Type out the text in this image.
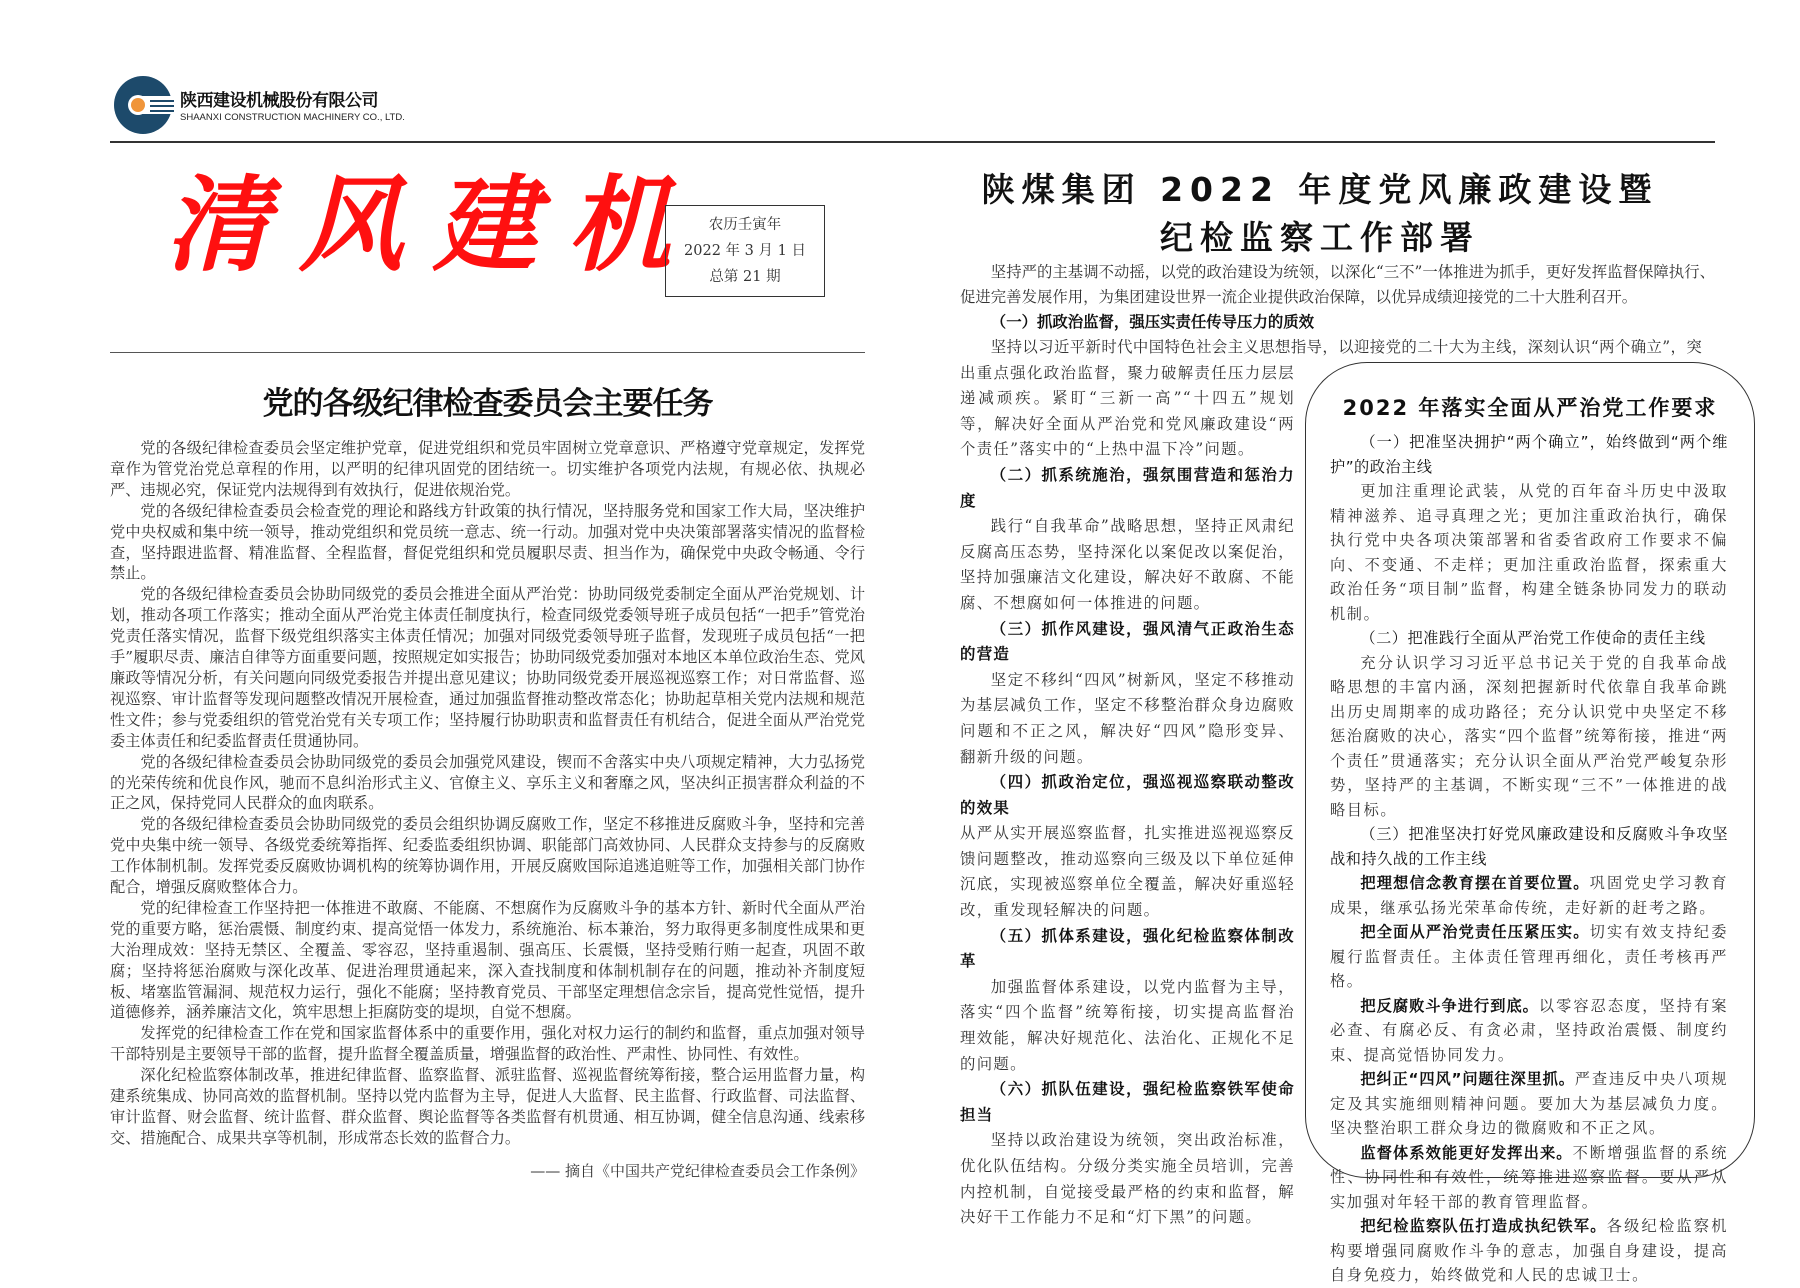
陕西建设机械股份有限公司
SHAANXI CONSTRUCTION MACHINERY CO., LTD.
清风建机 农历壬寅年
2022 年 3 月 1 日
总第 21 期
党的各级纪律检查委员会主要任务

党的各级纪律检查委员会坚定维护党章，促进党组织和党员牢固树立党章意识、严格遵守党章规定，发挥党章作为管党治党总章程的作用，以严明的纪律巩固党的团结统一。切实维护各项党内法规，有规必依、执规必严、违规必究，保证党内法规得到有效执行，促进依规治党。

党的各级纪律检查委员会检查党的理论和路线方针政策的执行情况，坚持服务党和国家工作大局，坚决维护党中央权威和集中统一领导，推动党组织和党员统一意志、统一行动。加强对党中央决策部署落实情况的监督检查，坚持跟进监督、精准监督、全程监督，督促党组织和党员履职尽责、担当作为，确保党中央政令畅通、令行禁止。

党的各级纪律检查委员会协助同级党的委员会推进全面从严治党：协助同级党委制定全面从严治党规划、计划，推动各项工作落实；推动全面从严治党主体责任制度执行，检查同级党委领导班子成员包括“一把手”管党治党责任落实情况，监督下级党组织落实主体责任情况；加强对同级党委领导班子监督，发现班子成员包括“一把手”履职尽责、廉洁自律等方面重要问题，按照规定如实报告；协助同级党委加强对本地区本单位政治生态、党风廉政等情况分析，有关问题向同级党委报告并提出意见建议；协助同级党委开展巡视巡察工作；对日常监督、巡视巡察、审计监督等发现问题整改情况开展检查，通过加强监督推动整改常态化；协助起草相关党内法规和规范性文件；参与党委组织的管党治党有关专项工作；坚持履行协助职责和监督责任有机结合，促进全面从严治党党委主体责任和纪委监督责任贯通协同。

党的各级纪律检查委员会协助同级党的委员会加强党风建设，锲而不舍落实中央八项规定精神，大力弘扬党的光荣传统和优良作风，驰而不息纠治形式主义、官僚主义、享乐主义和奢靡之风，坚决纠正损害群众利益的不正之风，保持党同人民群众的血肉联系。

党的各级纪律检查委员会协助同级党的委员会组织协调反腐败工作，坚定不移推进反腐败斗争，坚持和完善党中央集中统一领导、各级党委统筹指挥、纪委监委组织协调、职能部门高效协同、人民群众支持参与的反腐败工作体制机制。发挥党委反腐败协调机构的统筹协调作用，开展反腐败国际追逃追赃等工作，加强相关部门协作配合，增强反腐败整体合力。

党的纪律检查工作坚持把一体推进不敢腐、不能腐、不想腐作为反腐败斗争的基本方针、新时代全面从严治党的重要方略，惩治震慑、制度约束、提高觉悟一体发力，系统施治、标本兼治，努力取得更多制度性成果和更大治理成效：坚持无禁区、全覆盖、零容忍，坚持重遏制、强高压、长震慑，坚持受贿行贿一起查，巩固不敢腐；坚持将惩治腐败与深化改革、促进治理贯通起来，深入查找制度和体制机制存在的问题，推动补齐制度短板、堵塞监管漏洞、规范权力运行，强化不能腐；坚持教育党员、干部坚定理想信念宗旨，提高党性觉悟，提升道德修养，涵养廉洁文化，筑牢思想上拒腐防变的堤坝，自觉不想腐。

发挥党的纪律检查工作在党和国家监督体系中的重要作用，强化对权力运行的制约和监督，重点加强对领导干部特别是主要领导干部的监督，提升监督全覆盖质量，增强监督的政治性、严肃性、协同性、有效性。

深化纪检监察体制改革，推进纪律监督、监察监督、派驻监督、巡视监督统筹衔接，整合运用监督力量，构建系统集成、协同高效的监督机制。坚持以党内监督为主导，促进人大监督、民主监督、行政监督、司法监督、审计监督、财会监督、统计监督、群众监督、舆论监督等各类监督有机贯通、相互协调，健全信息沟通、线索移交、措施配合、成果共享等机制，形成常态长效的监督合力。

—— 摘自《中国共产党纪律检查委员会工作条例》
陕煤集团 2022 年度党风廉政建设暨
纪检监察工作部署

坚持严的主基调不动摇，以党的政治建设为统领，以深化“三不”一体推进为抓手，更好发挥监督保障执行、促进完善发展作用，为集团建设世界一流企业提供政治保障，以优异成绩迎接党的二十大胜利召开。

（一）抓政治监督，强压实责任传导压力的质效

坚持以习近平新时代中国特色社会主义思想指导，以迎接党的二十大为主线，深刻认识“两个确立”，突

出重点强化政治监督，聚力破解责任压力层层递减顽疾。紧盯“三新一高”“十四五”规划等，解决好全面从严治党和党风廉政建设“两个责任”落实中的“上热中温下冷”问题。

（二）抓系统施治，强氛围营造和惩治力度

践行“自我革命”战略思想，坚持正风肃纪反腐高压态势，坚持深化以案促改以案促治，坚持加强廉洁文化建设，解决好不敢腐、不能腐、不想腐如何一体推进的问题。

（三）抓作风建设，强风清气正政治生态的营造

坚定不移纠“四风”树新风，坚定不移推动为基层减负工作，坚定不移整治群众身边腐败问题和不正之风，解决好“四风”隐形变异、翻新升级的问题。

（四）抓政治定位，强巡视巡察联动整改的效果

从严从实开展巡察监督，扎实推进巡视巡察反馈问题整改，推动巡察向三级及以下单位延伸沉底，实现被巡察单位全覆盖，解决好重巡轻改，重发现轻解决的问题。

（五）抓体系建设，强化纪检监察体制改革

加强监督体系建设，以党内监督为主导，落实“四个监督”统筹衔接，切实提高监督治理效能，解决好规范化、法治化、正规化不足的问题。

（六）抓队伍建设，强纪检监察铁军使命担当

坚持以政治建设为统领，突出政治标准，优化队伍结构。分级分类实施全员培训，完善内控机制，自觉接受最严格的约束和监督，解决好干工作能力不足和“灯下黑”的问题。

2022 年落实全面从严治党工作要求

（一）把准坚决拥护“两个确立”，始终做到“两个维护”的政治主线

更加注重理论武装，从党的百年奋斗历史中汲取精神滋养、追寻真理之光；更加注重政治执行，确保执行党中央各项决策部署和省委省政府工作要求不偏向、不变通、不走样；更加注重政治监督，探索重大政治任务“项目制”监督，构建全链条协同发力的联动机制。

（二）把准践行全面从严治党工作使命的责任主线

充分认识学习习近平总书记关于党的自我革命战略思想的丰富内涵，深刻把握新时代依靠自我革命跳出历史周期率的成功路径；充分认识党中央坚定不移惩治腐败的决心，落实“四个监督”统筹衔接，推进“两个责任”贯通落实；充分认识全面从严治党严峻复杂形势，坚持严的主基调，不断实现“三不”一体推进的战略目标。

（三）把准坚决打好党风廉政建设和反腐败斗争攻坚战和持久战的工作主线

把理想信念教育摆在首要位置。巩固党史学习教育成果，继承弘扬光荣革命传统，走好新的赶考之路。

把全面从严治党责任压紧压实。切实有效支持纪委履行监督责任。主体责任管理再细化，责任考核再严格。

把反腐败斗争进行到底。以零容忍态度，坚持有案必查、有腐必反、有贪必肃，坚持政治震慑、制度约束、提高觉悟协同发力。

把纠正“四风”问题往深里抓。严查违反中央八项规定及其实施细则精神问题。要加大为基层减负力度。坚决整治职工群众身边的微腐败和不正之风。

监督体系效能更好发挥出来。不断增强监督的系统性、协同性和有效性，统筹推进巡察监督。要从严从实加强对年轻干部的教育管理监督。

把纪检监察队伍打造成执纪铁军。各级纪检监察机构要增强同腐败作斗争的意志，加强自身建设，提高自身免疫力，始终做党和人民的忠诚卫士。
